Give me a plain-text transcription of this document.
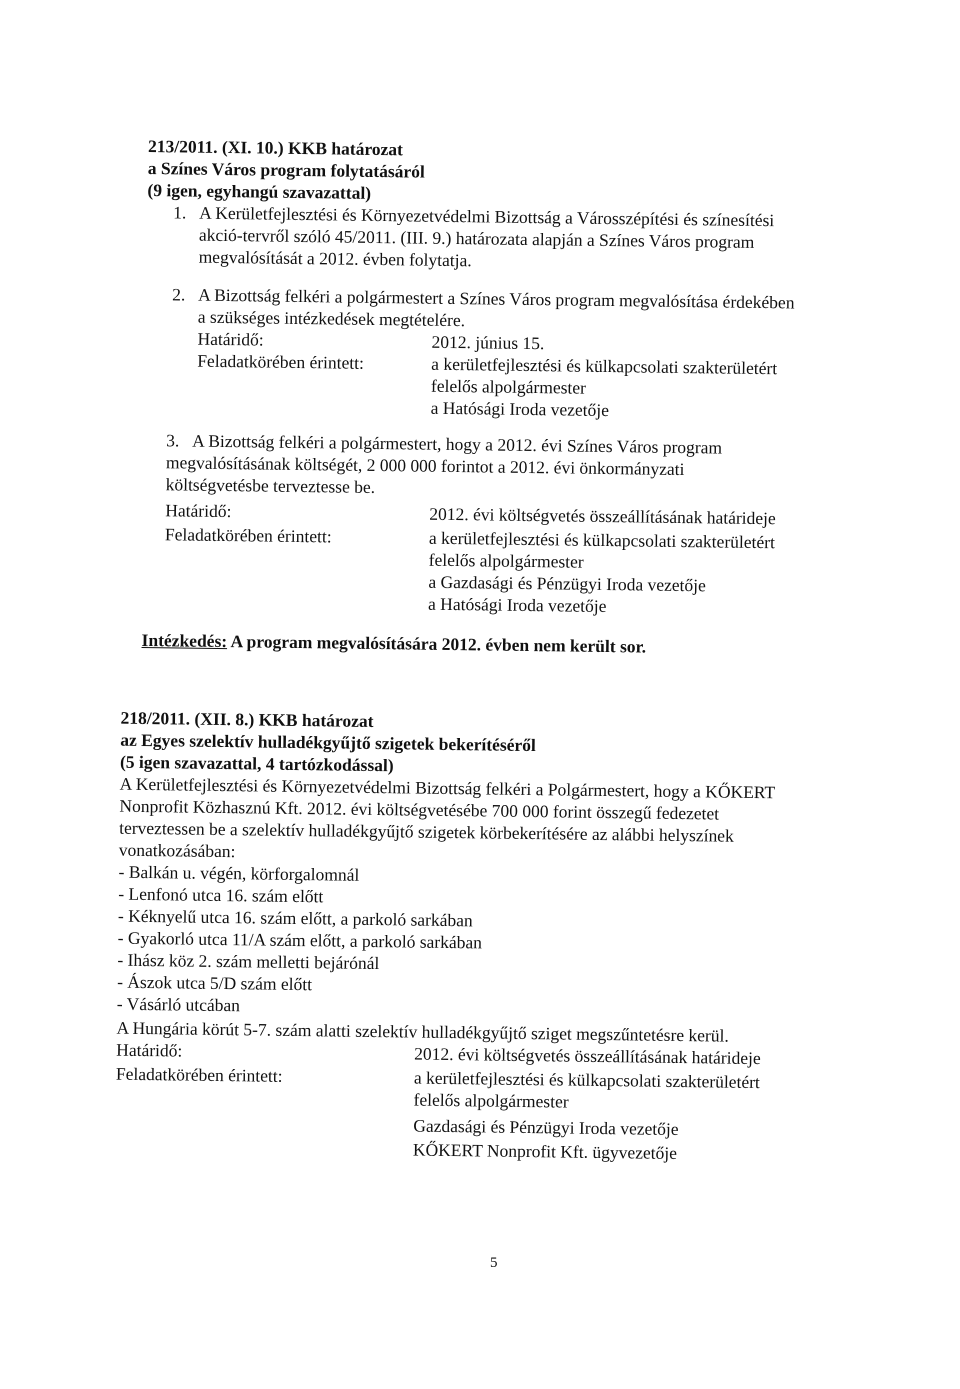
213/2011. (XI. 10.) KKB határozat
a Színes Város program folytatásáról
(9 igen, egyhangú szavazattal)
1. A Kerületfejlesztési és Környezetvédelmi Bizottság a Városszépítési és színesítési
akció-tervről szóló 45/2011. (III. 9.) határozata alapján a Színes Város program
megvalósítását a 2012. évben folytatja.
2. A Bizottság felkéri a polgármestert a Színes Város program megvalósítása érdekében
a szükséges intézkedések megtételére.
Határidő:	2012. június 15.
Feladatkörében érintett:	a kerületfejlesztési és külkapcsolati szakterületért
felelős alpolgármester
a Hatósági Iroda vezetője
3. A Bizottság felkéri a polgármestert, hogy a 2012. évi Színes Város program
megvalósításának költségét, 2 000 000 forintot a 2012. évi önkormányzati
költségvetésbe terveztesse be.
Határidő:	2012. évi költségvetés összeállításának határideje
Feladatkörében érintett:	a kerületfejlesztési és külkapcsolati szakterületért
felelős alpolgármester
a Gazdasági és Pénzügyi Iroda vezetője
a Hatósági Iroda vezetője
Intézkedés: A program megvalósítására 2012. évben nem került sor.
218/2011. (XII. 8.) KKB határozat
az Egyes szelektív hulladékgyűjtő szigetek bekerítéséről
(5 igen szavazattal, 4 tartózkodással)
A Kerületfejlesztési és Környezetvédelmi Bizottság felkéri a Polgármestert, hogy a KŐKERT
Nonprofit Közhasznú Kft. 2012. évi költségvetésébe 700 000 forint összegű fedezetet
terveztessen be a szelektív hulladékgyűjtő szigetek körbekerítésére az alábbi helyszínek
vonatkozásában:
- Balkán u. végén, körforgalomnál
- Lenfonó utca 16. szám előtt
- Kéknyelű utca 16. szám előtt, a parkoló sarkában
- Gyakorló utca 11/A szám előtt, a parkoló sarkában
- Ihász köz 2. szám melletti bejárónál
- Ászok utca 5/D szám előtt
- Vásárló utcában
A Hungária körút 5-7. szám alatti szelektív hulladékgyűjtő sziget megszűntetésre kerül.
Határidő:	2012. évi költségvetés összeállításának határideje
Feladatkörében érintett:	a kerületfejlesztési és külkapcsolati szakterületért
felelős alpolgármester
Gazdasági és Pénzügyi Iroda vezetője
KŐKERT Nonprofit Kft. ügyvezetője
5
